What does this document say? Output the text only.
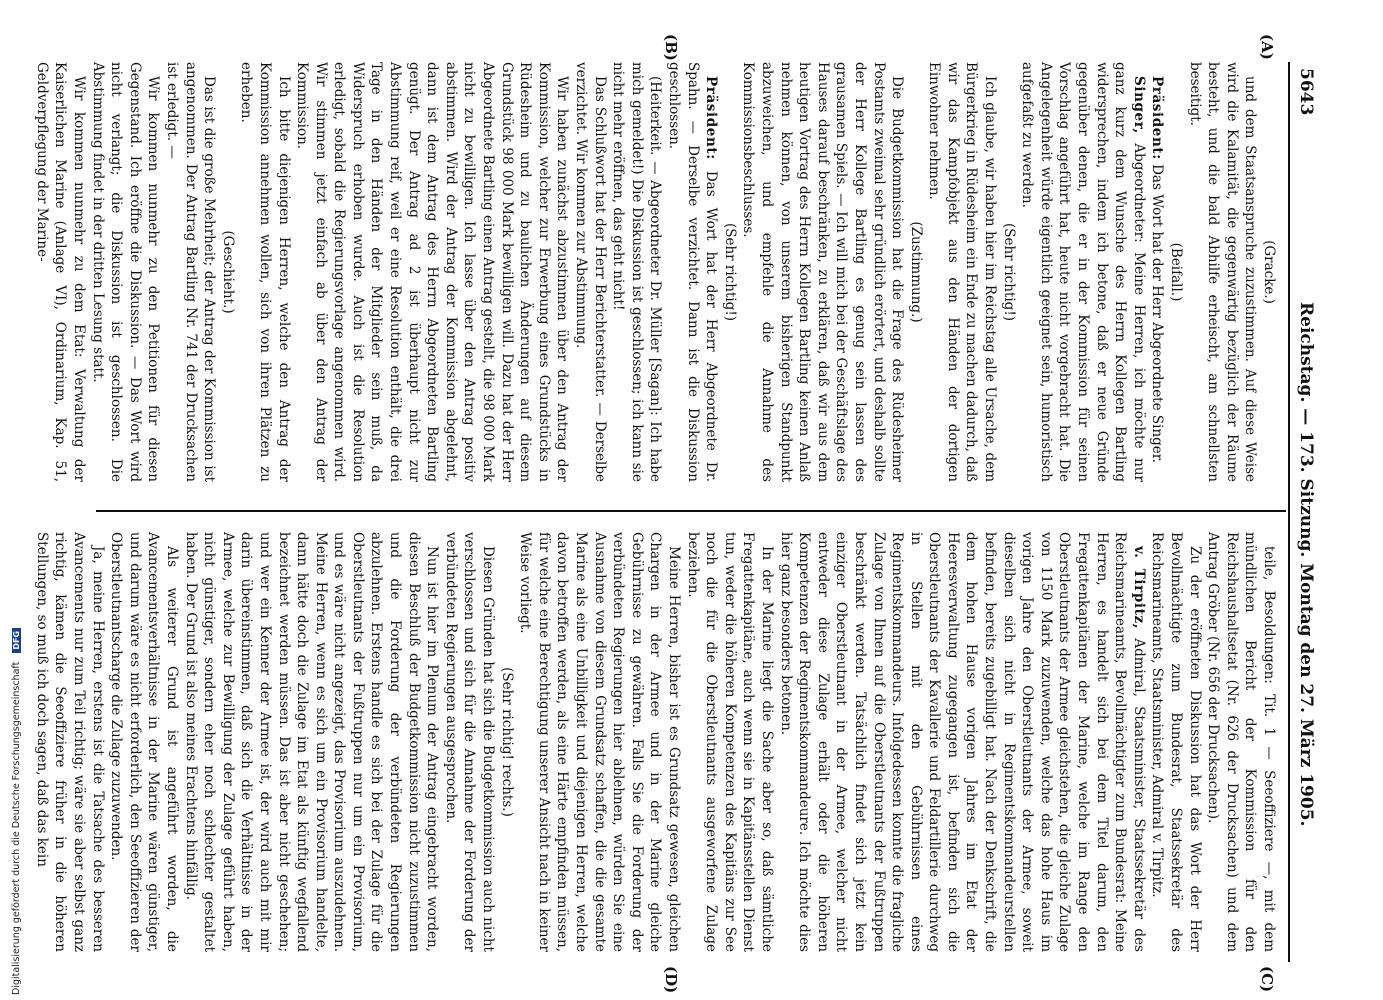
5643
Reichstag. — 173. Sitzung. Montag den 27. März 1905.

(Gracke.)

und dem Staatsanspruche zuzustimmen. Auf diese Weise wird die Kalamität, die gegenwärtig bezüglich der Räume besteht, und die bald Abhilfe erheischt, am schnellsten beseitigt.

(Beifall.)

Präsident: Das Wort hat der Herr Abgeordnete Singer.

Singer, Abgeordneter: Meine Herren, ich möchte nur ganz kurz dem Wunsche des Herrn Kollegen Bartling widersprechen, indem ich betone, daß er neue Gründe gegenüber denen, die er in der Kommission für seinen Vorschlag angeführt hat, heute nicht vorgebracht hat. Die Angelegenheit würde eigentlich geeignet sein, humoristisch aufgefaßt zu werden.

(Sehr richtig!)

Ich glaube, wir haben hier im Reichstag alle Ursache, dem Bürgerkrieg in Rüdesheim ein Ende zu machen dadurch, daß wir das Kampfobjekt aus den Händen der dortigen Einwohner nehmen.

(Zustimmung.)

Die Budgetkommission hat die Frage des Rüdesheimer Postamts zweimal sehr gründlich erörtert, und deshalb sollte der Herr Kollege Bartling es genug sein lassen des grausamen Spiels. — Ich will mich bei der Geschäftslage des Hauses darauf beschränken, zu erklären, daß wir aus dem heutigen Vortrag des Herrn Kollegen Bartling keinen Anlaß nehmen können, von unserem bisherigen Standpunkt abzuweichen, und empfehle die Annahme des Kommissionsbeschlusses.

(Sehr richtig!)

Präsident: Das Wort hat der Herr Abgeordnete Dr. Spahn. — Derselbe verzichtet. Dann ist die Diskussion geschlossen.

(Heiterkeit. — Abgeordneter Dr. Müller [Sagan]: Ich habe mich gemeldet!) Die Diskussion ist geschlossen; ich kann sie nicht mehr eröffnen, das geht nicht!

Das Schlußwort hat der Herr Berichterstatter. — Derselbe verzichtet. Wir kommen zur Abstimmung.

Wir haben zunächst abzustimmen über den Antrag der Kommission, welcher zur Erwerbung eines Grundstücks in Rüdesheim und zu baulichen Änderungen auf diesem Grundstück 98 000 Mark bewilligen will. Dazu hat der Herr Abgeordnete Bartling einen Antrag gestellt, die 98 000 Mark nicht zu bewilligen. Ich lasse über den Antrag positiv abstimmen. Wird der Antrag der Kommission abgelehnt, dann ist dem Antrag des Herrn Abgeordneten Bartling genügt. Der Antrag ad 2 ist überhaupt nicht zur Abstimmung reif, weil er eine Resolution enthält, die drei Tage in den Händen der Mitglieder sein muß, da Widerspruch erhoben wurde. Auch ist die Resolution erledigt, sobald die Regierungsvorlage angenommen wird. Wir stimmen jetzt einfach ab über den Antrag der Kommission.

Ich bitte diejenigen Herren, welche den Antrag der Kommission annehmen wollen, sich von ihren Plätzen zu erheben.

(Geschieht.)

Das ist die große Mehrheit; der Antrag der Kommission ist angenommen. Der Antrag Bartling Nr. 741 der Drucksachen ist erledigt. —

Wir kommen nunmehr zu den Petitionen für diesen Gegenstand. Ich eröffne die Diskussion. — Das Wort wird nicht verlangt; die Diskussion ist geschlossen. Die Abstimmung findet in der dritten Lesung statt.

Wir kommen nunmehr zu dem Etat: Verwaltung der Kaiserlichen Marine (Anlage VI), Ordinarium, Kap. 51, Geldverpflegung der Marine-

teile, Besoldungen: Tit. 1 — Seeoffiziere —, mit dem mündlichen Bericht der Kommission für den Reichshaushaltsetat (Nr. 626 der Drucksachen) und dem Antrag Gröber (Nr. 656 der Drucksachen).

Zu der eröffneten Diskussion hat das Wort der Herr Bevollmächtigte zum Bundesrat, Staatssekretär des Reichsmarineamts, Staatsminister, Admiral v. Tirpitz.

v. Tirpitz, Admiral, Staatsminister, Staatssekretär des Reichsmarineamts, Bevollmächtigter zum Bundesrat: Meine Herren, es handelt sich bei dem Titel darum, den Fregattenkapitänen der Marine, welche im Range den Oberstleutnants der Armee gleichstehen, die gleiche Zulage von 1150 Mark zuzuwenden, welche das hohe Haus im vorigen Jahre den Oberstleutnants der Armee, soweit dieselben sich nicht in Regimentskommandeurstellen befinden, bereits zugebilligt hat. Nach der Denkschrift, die dem hohen Hause vorigen Jahres im Etat der Heeresverwaltung zugegangen ist, befinden sich die Oberstleutnants der Kavallerie und Feldartillerie durchweg in Stellen mit den Gebührnissen eines Regimentskommandeurs. Infolgedessen konnte die fragliche Zulage von Ihnen auf die Oberstleutnants der Fußtruppen beschränkt werden. Tatsächlich findet sich jetzt kein einziger Oberstleutnant in der Armee, welcher nicht entweder diese Zulage erhält oder die höheren Kompetenzen der Regimentskommandeure. Ich möchte dies hier ganz besonders betonen.

In der Marine liegt die Sache aber so, daß sämtliche Fregattenkapitäne, auch wenn sie in Kapitänsstellen Dienst tun, weder die höheren Kompetenzen des Kapitäns zur See noch die für die Oberstleutnants ausgeworfene Zulage beziehen.

Meine Herren, bisher ist es Grundsatz gewesen, gleichen Chargen in der Armee und in der Marine gleiche Gebührnisse zu gewähren. Falls Sie die Forderung der verbündeten Regierungen hier ablehnen, würden Sie eine Ausnahme von diesem Grundsatz schaffen, die die gesamte Marine als eine Unbilligkeit und diejenigen Herren, welche davon betroffen werden, als eine Härte empfinden müssen, für welche eine Berechtigung unserer Ansicht nach in keiner Weise vorliegt.

(Sehr richtig! rechts.)

Diesen Gründen hat sich die Budgetkommission auch nicht verschlossen und sich für die Annahme der Forderung der verbündeten Regierungen ausgesprochen.

Nun ist hier im Plenum der Antrag eingebracht worden, diesen Beschluß der Budgetkommission nicht zuzustimmen und die Forderung der verbündeten Regierungen abzulehnen. Erstens handle es sich bei der Zulage für die Oberstleutnants der Fußtruppen nur um ein Provisorium, und es wäre nicht angezeigt, das Provisorium auszudehnen. Meine Herren, wenn es sich um ein Provisorium handelte, dann hätte doch die Zulage im Etat als künftig wegfallend bezeichnet werden müssen. Das ist aber nicht geschehen; und wer ein Kenner der Armee ist, der wird auch mit mir darin übereinstimmen, daß sich die Verhältnisse in der Armee, welche zur Bewilligung der Zulage geführt haben, nicht günstiger, sondern eher noch schlechter gestaltet haben. Der Grund ist also meines Erachtens hinfällig.

Als weiterer Grund ist angeführt worden, die Avancementsverhältnisse in der Marine wären günstiger, und darum wäre es nicht erforderlich, den Seeoffizieren der Oberstleutnantscharge die Zulage zuzuwenden.

Ja, meine Herren, erstens ist die Tatsache des besseren Avancements nur zum Teil richtig; wäre sie aber selbst ganz richtig, kämen die Seeoffiziere früher in die höheren Stellungen, so muß ich doch sagen, daß das kein

(A)
(B)
(C)
(D)
Digitalisierung gefördert durch die Deutsche Forschungsgemeinschaft DFG
